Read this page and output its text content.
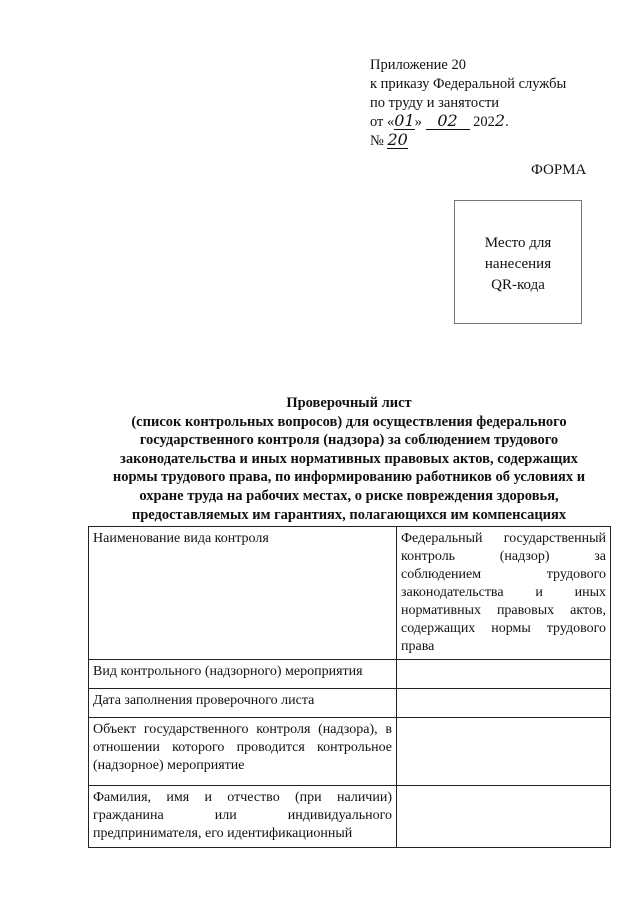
Приложение 20
к приказу Федеральной службы
по труду и занятости
от «01» 02 2022.
№ 20
ФОРМА
Место для
нанесения
QR-кода
Проверочный лист
(список контрольных вопросов) для осуществления федерального
государственного контроля (надзора) за соблюдением трудового
законодательства и иных нормативных правовых актов, содержащих
нормы трудового права, по информированию работников об условиях и
охране труда на рабочих местах, о риске повреждения здоровья,
предоставляемых им гарантиях, полагающихся им компенсациях
Наименование вида контроля	Федеральный государственный контроль (надзор) за соблюдением трудового законодательства и иных нормативных правовых актов, содержащих нормы трудового права
Вид контрольного (надзорного) мероприятия	
Дата заполнения проверочного листа	
Объект государственного контроля (надзора), в отношении которого проводится контрольное (надзорное) мероприятие	
Фамилия, имя и отчество (при наличии) гражданина или индивидуального предпринимателя, его идентификационный	
